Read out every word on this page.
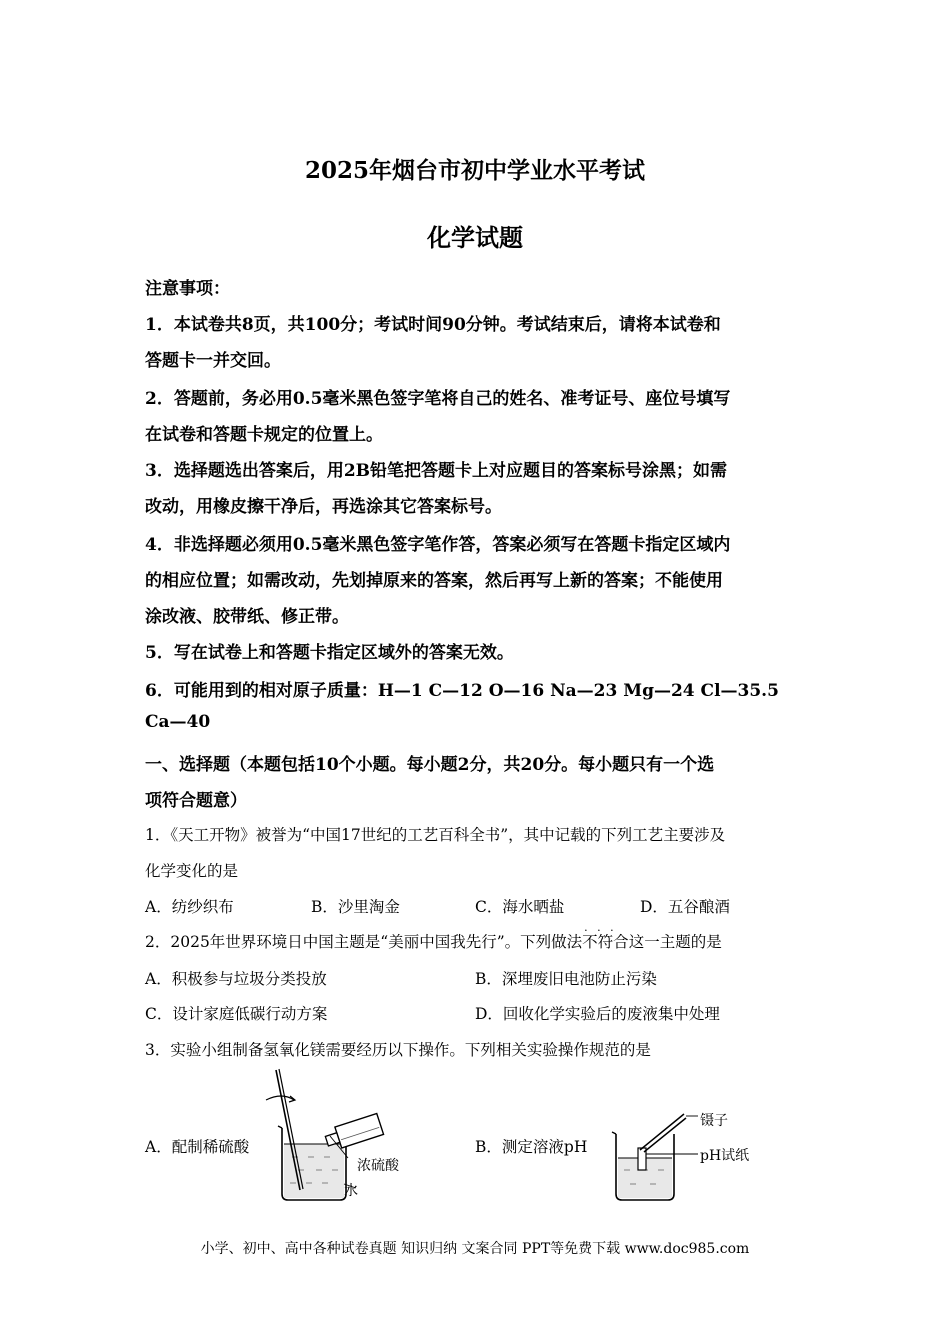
2025年烟台市初中学业水平考试
化学试题
注意事项：
1．本试卷共8页，共100分；考试时间90分钟。考试结束后，请将本试卷和
答题卡一并交回。
2．答题前，务必用0.5毫米黑色签字笔将自己的姓名、准考证号、座位号填写
在试卷和答题卡规定的位置上。
3．选择题选出答案后，用2B铅笔把答题卡上对应题目的答案标号涂黑；如需
改动，用橡皮擦干净后，再选涂其它答案标号。
4．非选择题必须用0.5毫米黑色签字笔作答，答案必须写在答题卡指定区域内
的相应位置；如需改动，先划掉原来的答案，然后再写上新的答案；不能使用
涂改液、胶带纸、修正带。
5．写在试卷上和答题卡指定区域外的答案无效。
6．可能用到的相对原子质量：H—1 C—12 O—16 Na—23 Mg—24 Cl—35.5
Ca—40
一、选择题（本题包括10个小题。每小题2分，共20分。每小题只有一个选
项符合题意）
1．《天工开物》被誉为“中国17世纪的工艺百科全书”，其中记载的下列工艺主要涉及
化学变化的是
A．纺纱织布	B．沙里淘金	C．海水晒盐	D．五谷酿酒
2．2025年世界环境日中国主题是“美丽中国我先行”。下列做法不符合 · · ·这一主题的是
A．积极参与垃圾分类投放	B．深埋废旧电池防止污染
C．设计家庭低碳行动方案	D．回收化学实验后的废液集中处理
3．实验小组制备氢氧化镁需要经历以下操作。下列相关实验操作规范的是
A．配制稀硫酸	B．测定溶液pH
浓硫酸
水
镊子
pH试纸
小学、初中、高中各种试卷真题 知识归纳 文案合同 PPT等免费下载 www.doc985.com
